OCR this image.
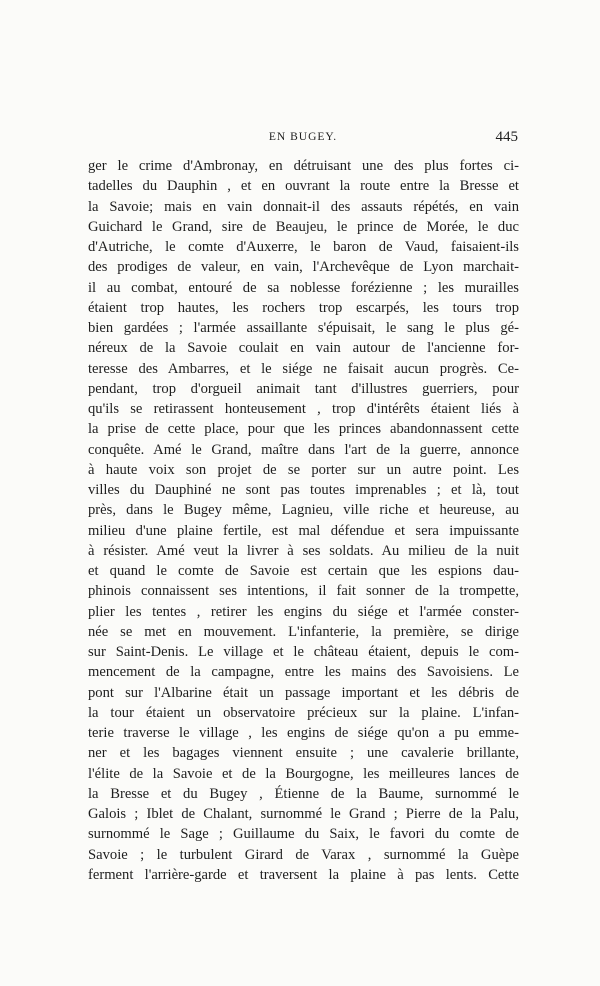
EN BUGEY.	445
ger le crime d'Ambronay, en détruisant une des plus fortes ci-
tadelles du Dauphin , et en ouvrant la route entre la Bresse et
la Savoie; mais en vain donnait-il des assauts répétés, en vain
Guichard le Grand, sire de Beaujeu, le prince de Morée, le duc
d'Autriche, le comte d'Auxerre, le baron de Vaud, faisaient-ils
des prodiges de valeur, en vain, l'Archevêque de Lyon marchait-
il au combat, entouré de sa noblesse forézienne ; les murailles
étaient trop hautes, les rochers trop escarpés, les tours trop
bien gardées ; l'armée assaillante s'épuisait, le sang le plus gé-
néreux de la Savoie coulait en vain autour de l'ancienne for-
teresse des Ambarres, et le siége ne faisait aucun progrès. Ce-
pendant, trop d'orgueil animait tant d'illustres guerriers, pour
qu'ils se retirassent honteusement , trop d'intérêts étaient liés à
la prise de cette place, pour que les princes abandonnassent cette
conquête. Amé le Grand, maître dans l'art de la guerre, annonce
à haute voix son projet de se porter sur un autre point. Les
villes du Dauphiné ne sont pas toutes imprenables ; et là, tout
près, dans le Bugey même, Lagnieu, ville riche et heureuse, au
milieu d'une plaine fertile, est mal défendue et sera impuissante
à résister. Amé veut la livrer à ses soldats. Au milieu de la nuit
et quand le comte de Savoie est certain que les espions dau-
phinois connaissent ses intentions, il fait sonner de la trompette,
plier les tentes , retirer les engins du siége et l'armée conster-
née se met en mouvement. L'infanterie, la première, se dirige
sur Saint-Denis. Le village et le château étaient, depuis le com-
mencement de la campagne, entre les mains des Savoisiens. Le
pont sur l'Albarine était un passage important et les débris de
la tour étaient un observatoire précieux sur la plaine. L'infan-
terie traverse le village , les engins de siége qu'on a pu emme-
ner et les bagages viennent ensuite ; une cavalerie brillante,
l'élite de la Savoie et de la Bourgogne, les meilleures lances de
la Bresse et du Bugey , Étienne de la Baume, surnommé le
Galois ; Iblet de Chalant, surnommé le Grand ; Pierre de la Palu,
surnommé le Sage ; Guillaume du Saix, le favori du comte de
Savoie ; le turbulent Girard de Varax , surnommé la Guèpe
ferment l'arrière-garde et traversent la plaine à pas lents. Cette
